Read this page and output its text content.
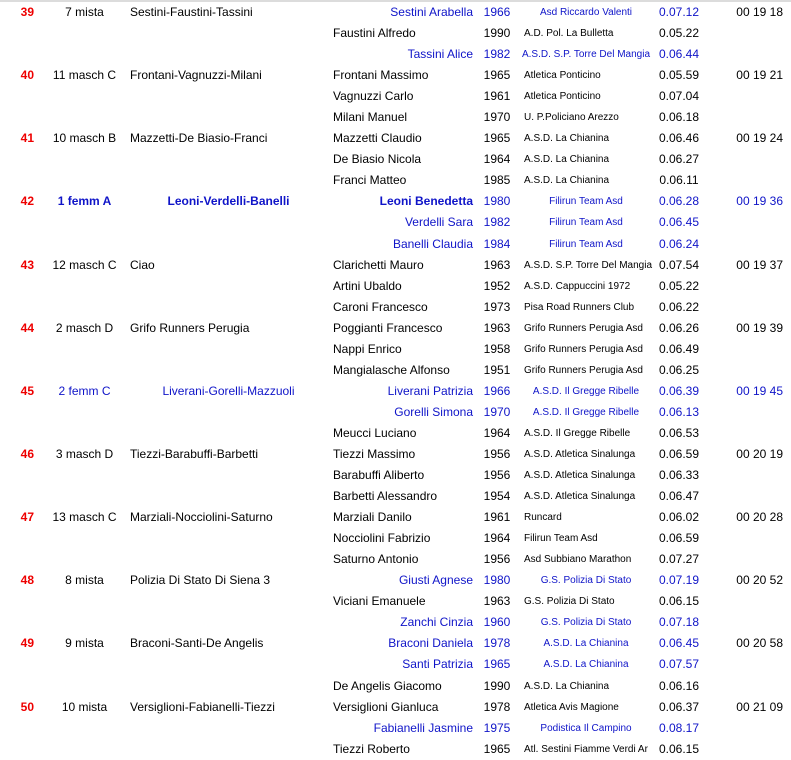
39	7 mista	Sestini-Faustini-Tassini	Sestini Arabella	1966	Asd Riccardo Valenti	0.07.12	00 19 18
			Faustini Alfredo	1990	A.D. Pol. La Bulletta	0.05.22	
			Tassini Alice	1982	A.S.D. S.P. Torre Del Mangia	0.06.44	
40	11 masch C	Frontani-Vagnuzzi-Milani	Frontani Massimo	1965	Atletica Ponticino	0.05.59	00 19 21
			Vagnuzzi Carlo	1961	Atletica Ponticino	0.07.04	
			Milani Manuel	1970	U. P.Policiano Arezzo	0.06.18	
41	10 masch B	Mazzetti-De Biasio-Franci	Mazzetti Claudio	1965	A.S.D. La Chianina	0.06.46	00 19 24
			De Biasio Nicola	1964	A.S.D. La Chianina	0.06.27	
			Franci Matteo	1985	A.S.D. La Chianina	0.06.11	
42	1 femm A	Leoni-Verdelli-Banelli	Leoni Benedetta	1980	Filirun Team Asd	0.06.28	00 19 36
			Verdelli Sara	1982	Filirun Team Asd	0.06.45	
			Banelli Claudia	1984	Filirun Team Asd	0.06.24	
43	12 masch C	Ciao	Clarichetti Mauro	1963	A.S.D. S.P. Torre Del Mangia	0.07.54	00 19 37
			Artini Ubaldo	1952	A.S.D. Cappuccini 1972	0.05.22	
			Caroni Francesco	1973	Pisa Road Runners Club	0.06.22	
44	2 masch D	Grifo Runners Perugia	Poggianti Francesco	1963	Grifo Runners Perugia Asd	0.06.26	00 19 39
			Nappi Enrico	1958	Grifo Runners Perugia Asd	0.06.49	
			Mangialasche Alfonso	1951	Grifo Runners Perugia Asd	0.06.25	
45	2 femm C	Liverani-Gorelli-Mazzuoli	Liverani Patrizia	1966	A.S.D. Il Gregge Ribelle	0.06.39	00 19 45
			Gorelli Simona	1970	A.S.D. Il Gregge Ribelle	0.06.13	
			Meucci Luciano	1964	A.S.D. Il Gregge Ribelle	0.06.53	
46	3 masch D	Tiezzi-Barabuffi-Barbetti	Tiezzi Massimo	1956	A.S.D. Atletica Sinalunga	0.06.59	00 20 19
			Barabuffi Aliberto	1956	A.S.D. Atletica Sinalunga	0.06.33	
			Barbetti Alessandro	1954	A.S.D. Atletica Sinalunga	0.06.47	
47	13 masch C	Marziali-Nocciolini-Saturno	Marziali Danilo	1961	Runcard	0.06.02	00 20 28
			Nocciolini Fabrizio	1964	Filirun Team Asd	0.06.59	
			Saturno Antonio	1956	Asd Subbiano Marathon	0.07.27	
48	8 mista	Polizia Di Stato Di Siena 3	Giusti Agnese	1980	G.S. Polizia Di Stato	0.07.19	00 20 52
			Viciani Emanuele	1963	G.S. Polizia Di Stato	0.06.15	
			Zanchi Cinzia	1960	G.S. Polizia Di Stato	0.07.18	
49	9 mista	Braconi-Santi-De Angelis	Braconi Daniela	1978	A.S.D. La Chianina	0.06.45	00 20 58
			Santi Patrizia	1965	A.S.D. La Chianina	0.07.57	
			De Angelis Giacomo	1990	A.S.D. La Chianina	0.06.16	
50	10 mista	Versiglioni-Fabianelli-Tiezzi	Versiglioni Gianluca	1978	Atletica Avis Magione	0.06.37	00 21 09
			Fabianelli Jasmine	1975	Podistica Il Campino	0.08.17	
			Tiezzi Roberto	1965	Atl. Sestini Fiamme Verdi Ar	0.06.15	
